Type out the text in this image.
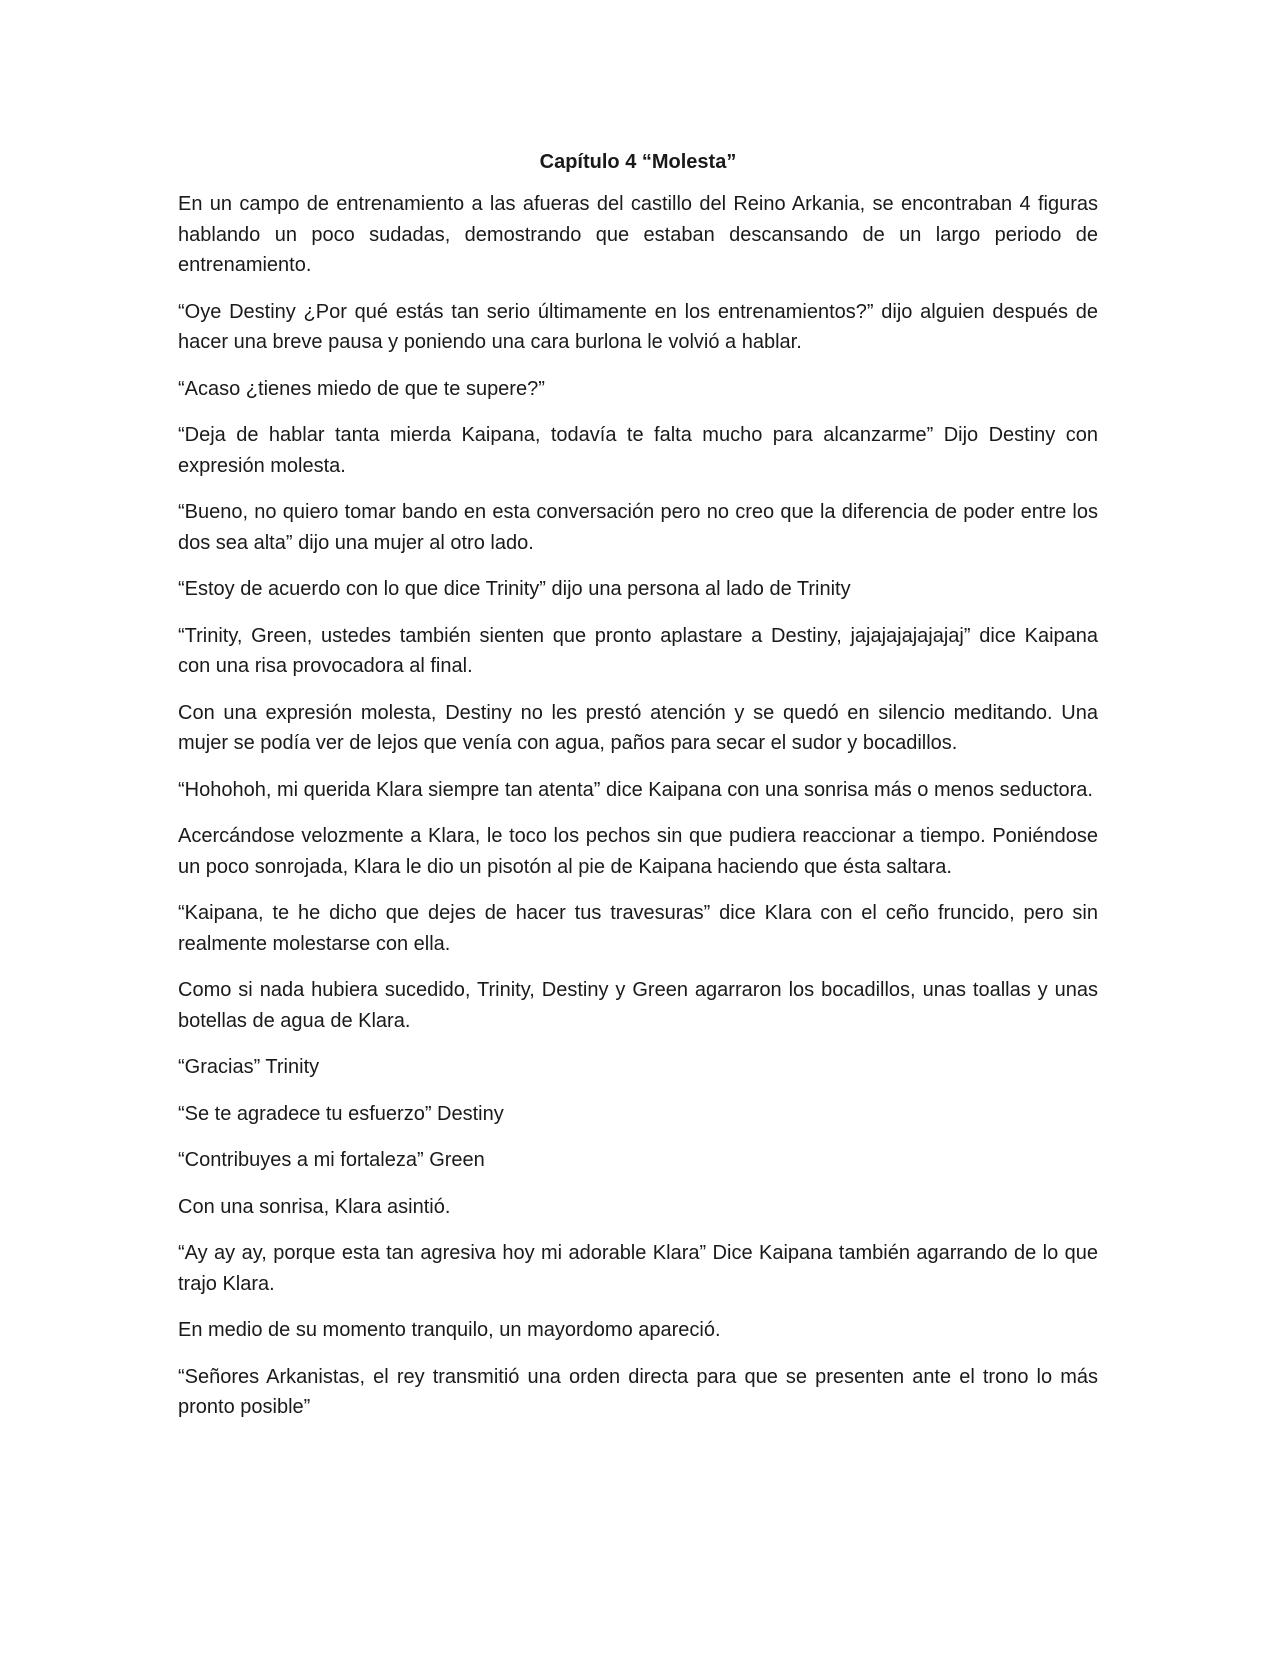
Capítulo 4 “Molesta”

En un campo de entrenamiento a las afueras del castillo del Reino Arkania, se encontraban 4 figuras hablando un poco sudadas, demostrando que estaban descansando de un largo periodo de entrenamiento.

“Oye Destiny ¿Por qué estás tan serio últimamente en los entrenamientos?” dijo alguien después de hacer una breve pausa y poniendo una cara burlona le volvió a hablar.

“Acaso ¿tienes miedo de que te supere?”

“Deja de hablar tanta mierda Kaipana, todavía te falta mucho para alcanzarme” Dijo Destiny con expresión molesta.

“Bueno, no quiero tomar bando en esta conversación pero no creo que la diferencia de poder entre los dos sea alta” dijo una mujer al otro lado.

“Estoy de acuerdo con lo que dice Trinity” dijo una persona al lado de Trinity

“Trinity, Green, ustedes también sienten que pronto aplastare a Destiny, jajajajajajajaj” dice Kaipana con una risa provocadora al final.

Con una expresión molesta, Destiny no les prestó atención y se quedó en silencio meditando. Una mujer se podía ver de lejos que venía con agua, paños para secar el sudor y bocadillos.

“Hohohoh, mi querida Klara siempre tan atenta” dice Kaipana con una sonrisa más o menos seductora.

Acercándose velozmente a Klara, le toco los pechos sin que pudiera reaccionar a tiempo. Poniéndose un poco sonrojada, Klara le dio un pisotón al pie de Kaipana haciendo que ésta saltara.

“Kaipana, te he dicho que dejes de hacer tus travesuras” dice Klara con el ceño fruncido, pero sin realmente molestarse con ella.

Como si nada hubiera sucedido, Trinity, Destiny y Green agarraron los bocadillos, unas toallas y unas botellas de agua de Klara.

“Gracias” Trinity

“Se te agradece tu esfuerzo” Destiny

“Contribuyes a mi fortaleza” Green

Con una sonrisa, Klara asintió.

“Ay ay ay, porque esta tan agresiva hoy mi adorable Klara” Dice Kaipana también agarrando de lo que trajo Klara.

En medio de su momento tranquilo, un mayordomo apareció.

“Señores Arkanistas, el rey transmitió una orden directa para que se presenten ante el trono lo más pronto posible”
